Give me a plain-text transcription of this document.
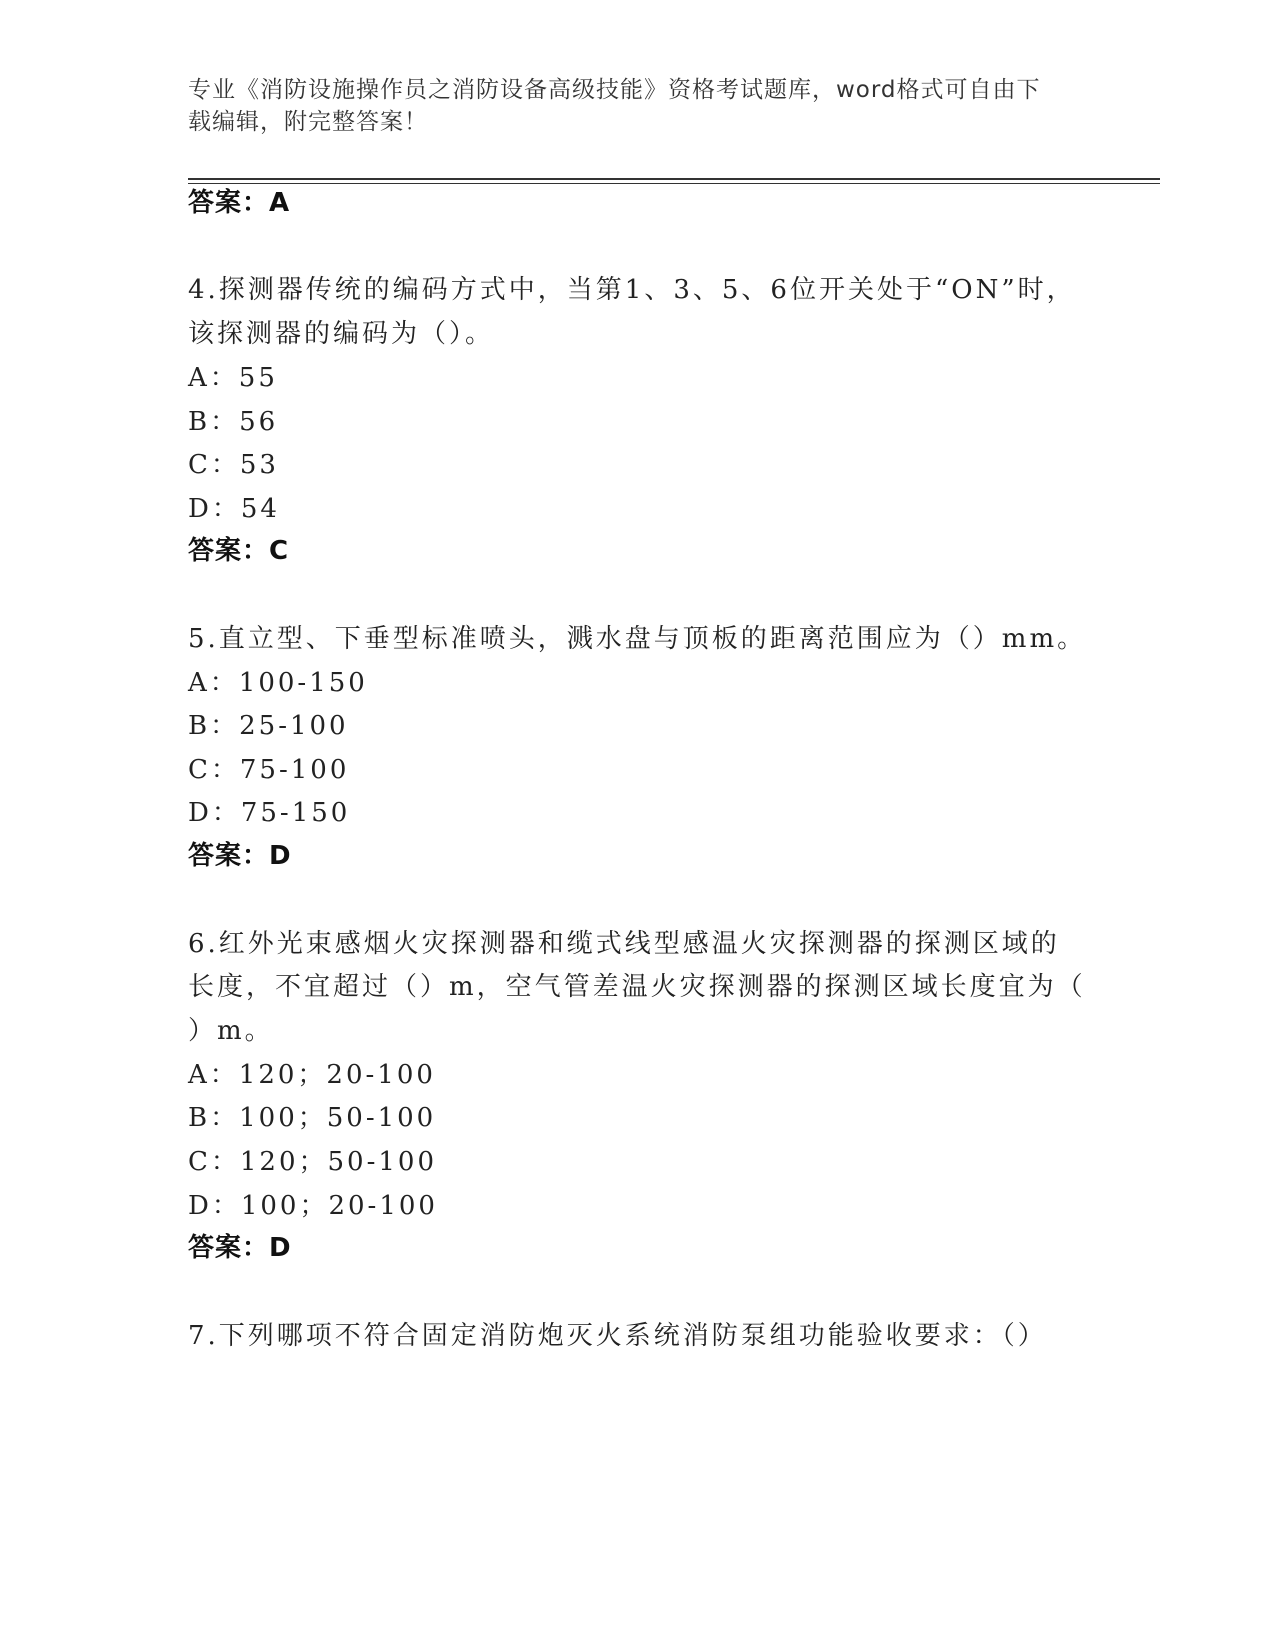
专业《消防设施操作员之消防设备高级技能》资格考试题库，word格式可自由下
载编辑，附完整答案！
答案：A
4.探测器传统的编码方式中，当第1、3、5、6位开关处于“ON”时，
该探测器的编码为（）。
A：55
B：56
C：53
D：54
答案：C
5.直立型、下垂型标准喷头，溅水盘与顶板的距离范围应为（）mm。
A：100-150
B：25-100
C：75-100
D：75-150
答案：D
6.红外光束感烟火灾探测器和缆式线型感温火灾探测器的探测区域的
长度，不宜超过（）m，空气管差温火灾探测器的探测区域长度宜为（
）m。
A：120；20-100
B：100；50-100
C：120；50-100
D：100；20-100
答案：D
7.下列哪项不符合固定消防炮灭火系统消防泵组功能验收要求：（）
